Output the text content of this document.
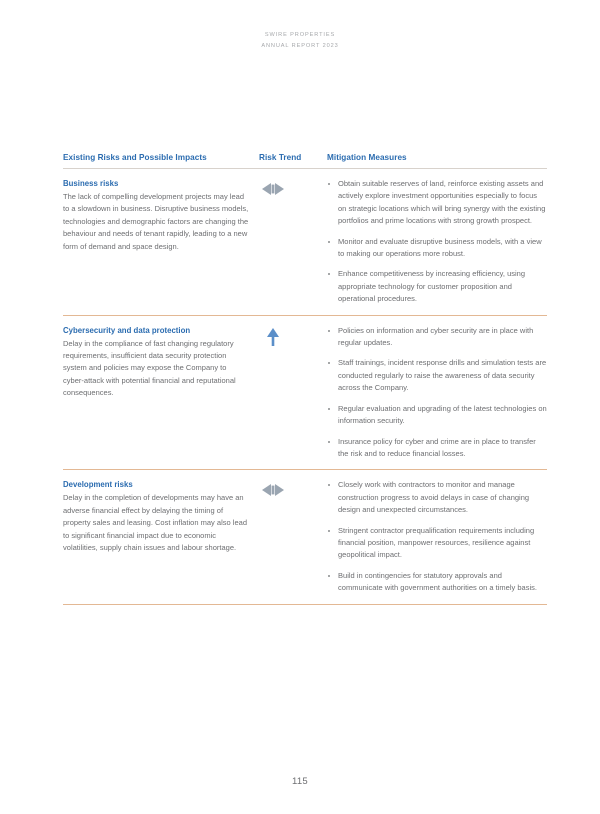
SWIRE PROPERTIES
ANNUAL REPORT 2023
Existing Risks and Possible Impacts	Risk Trend	Mitigation Measures
Business risks
The lack of compelling development projects may lead to a slowdown in business. Disruptive business models, technologies and demographic factors are changing the behaviour and needs of tenant rapidly, leading to a new form of demand and space design.
Obtain suitable reserves of land, reinforce existing assets and actively explore investment opportunities especially to focus on strategic locations which will bring synergy with the existing portfolios and prime locations with strong growth prospect.
Monitor and evaluate disruptive business models, with a view to making our operations more robust.
Enhance competitiveness by increasing efficiency, using appropriate technology for customer proposition and operational procedures.
Cybersecurity and data protection
Delay in the compliance of fast changing regulatory requirements, insufficient data security protection system and policies may expose the Company to cyber-attack with potential financial and reputational consequences.
Policies on information and cyber security are in place with regular updates.
Staff trainings, incident response drills and simulation tests are conducted regularly to raise the awareness of data security across the Company.
Regular evaluation and upgrading of the latest technologies on information security.
Insurance policy for cyber and crime are in place to transfer the risk and to reduce financial losses.
Development risks
Delay in the completion of developments may have an adverse financial effect by delaying the timing of property sales and leasing. Cost inflation may also lead to significant financial impact due to economic volatilities, supply chain issues and labour shortage.
Closely work with contractors to monitor and manage construction progress to avoid delays in case of changing design and unexpected circumstances.
Stringent contractor prequalification requirements including financial position, manpower resources, resilience against geopolitical impact.
Build in contingencies for statutory approvals and communicate with government authorities on a timely basis.
115
